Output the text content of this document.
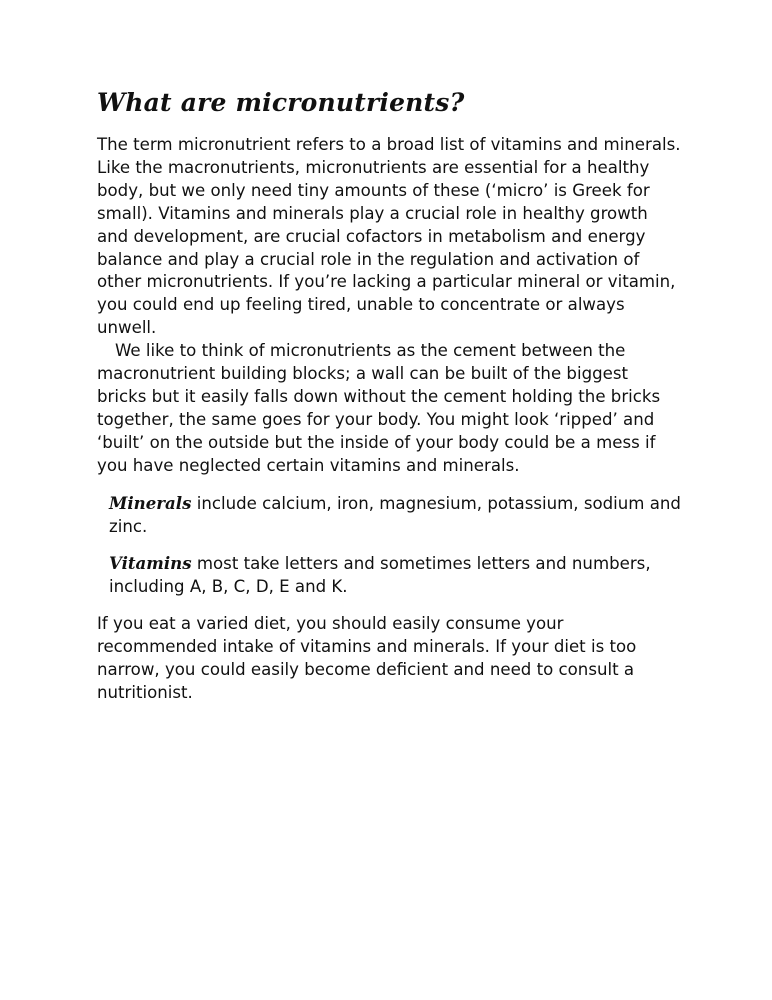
What are micronutrients?

The term micronutrient refers to a broad list of vitamins and minerals. Like the macronutrients, micronutrients are essential for a healthy body, but we only need tiny amounts of these (‘micro’ is Greek for small). Vitamins and minerals play a crucial role in healthy growth and development, are crucial cofactors in metabolism and energy balance and play a crucial role in the regulation and activation of other micronutrients. If you’re lacking a particular mineral or vitamin, you could end up feeling tired, unable to concentrate or always unwell.

We like to think of micronutrients as the cement between the macronutrient building blocks; a wall can be built of the biggest bricks but it easily falls down without the cement holding the bricks together, the same goes for your body. You might look ‘ripped’ and ‘built’ on the outside but the inside of your body could be a mess if you have neglected certain vitamins and minerals.

Minerals include calcium, iron, magnesium, potassium, sodium and zinc.

Vitamins most take letters and sometimes letters and numbers, including A, B, C, D, E and K.

If you eat a varied diet, you should easily consume your recommended intake of vitamins and minerals. If your diet is too narrow, you could easily become deficient and need to consult a nutritionist.
